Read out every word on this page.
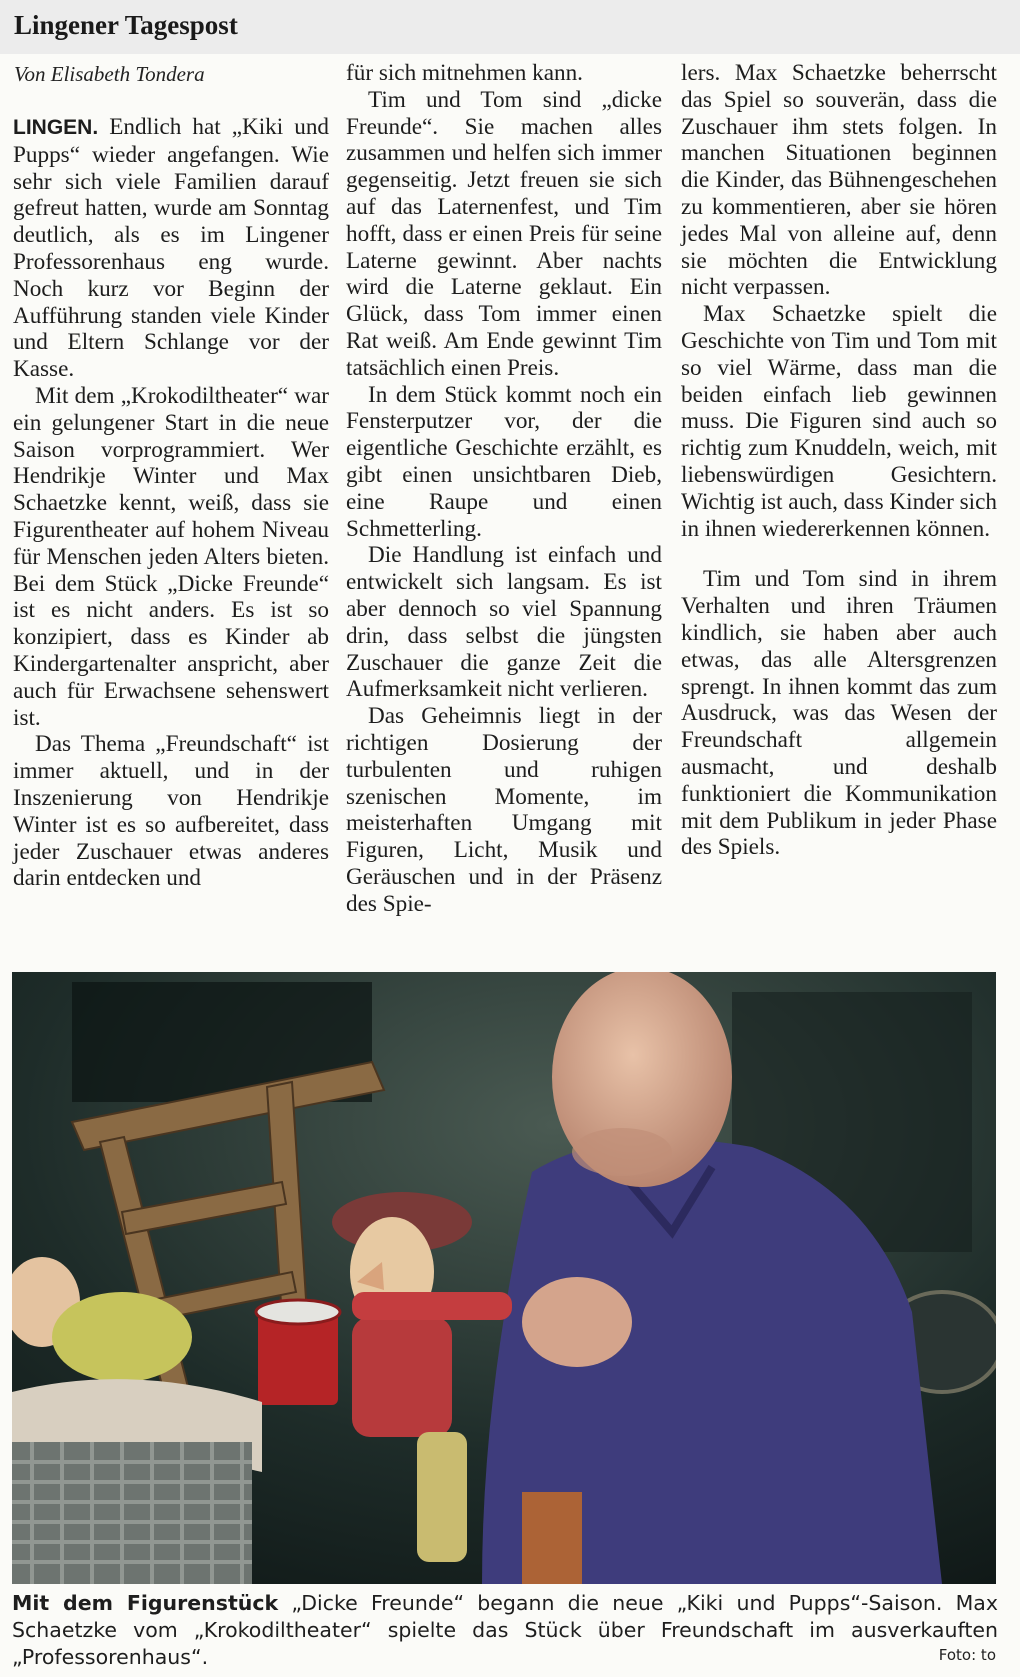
Lingener Tagespost
Von Elisabeth Tondera

LINGEN. Endlich hat „Kiki und Pupps“ wieder angefangen. Wie sehr sich viele Familien darauf gefreut hatten, wurde am Sonntag deutlich, als es im Lingener Professorenhaus eng wurde. Noch kurz vor Beginn der Aufführung standen viele Kinder und Eltern Schlange vor der Kasse.

Mit dem „Krokodiltheater“ war ein gelungener Start in die neue Saison vorprogrammiert. Wer Hendrikje Winter und Max Schaetzke kennt, weiß, dass sie Figurentheater auf hohem Niveau für Menschen jeden Alters bieten. Bei dem Stück „Dicke Freunde“ ist es nicht anders. Es ist so konzipiert, dass es Kinder ab Kindergartenalter anspricht, aber auch für Erwachsene sehenswert ist.

Das Thema „Freundschaft“ ist immer aktuell, und in der Inszenierung von Hendrikje Winter ist es so aufbereitet, dass jeder Zuschauer etwas anderes darin entdecken und

für sich mitnehmen kann.

Tim und Tom sind „dicke Freunde“. Sie machen alles zusammen und helfen sich immer gegenseitig. Jetzt freuen sie sich auf das Laternenfest, und Tim hofft, dass er einen Preis für seine Laterne gewinnt. Aber nachts wird die Laterne geklaut. Ein Glück, dass Tom immer einen Rat weiß. Am Ende gewinnt Tim tatsächlich einen Preis.

In dem Stück kommt noch ein Fensterputzer vor, der die eigentliche Geschichte erzählt, es gibt einen unsichtbaren Dieb, eine Raupe und einen Schmetterling.

Die Handlung ist einfach und entwickelt sich langsam. Es ist aber dennoch so viel Spannung drin, dass selbst die jüngsten Zuschauer die ganze Zeit die Aufmerksamkeit nicht verlieren.

Das Geheimnis liegt in der richtigen Dosierung der turbulenten und ruhigen szenischen Momente, im meisterhaften Umgang mit Figuren, Licht, Musik und Geräuschen und in der Präsenz des Spie-

lers. Max Schaetzke beherrscht das Spiel so souverän, dass die Zuschauer ihm stets folgen. In manchen Situationen beginnen die Kinder, das Bühnengeschehen zu kommentieren, aber sie hören jedes Mal von alleine auf, denn sie möchten die Entwicklung nicht verpassen.

Max Schaetzke spielt die Geschichte von Tim und Tom mit so viel Wärme, dass man die beiden einfach lieb gewinnen muss. Die Figuren sind auch so richtig zum Knuddeln, weich, mit liebenswürdigen Gesichtern. Wichtig ist auch, dass Kinder sich in ihnen wiedererkennen können.

Tim und Tom sind in ihrem Verhalten und ihren Träumen kindlich, sie haben aber auch etwas, das alle Altersgrenzen sprengt. In ihnen kommt das zum Ausdruck, was das Wesen der Freundschaft allgemein ausmacht, und deshalb funktioniert die Kommunikation mit dem Publikum in jeder Phase des Spiels.

Mit dem Figurenstück „Dicke Freunde“ begann die neue „Kiki und Pupps“-Saison. Max Schaetzke vom „Krokodiltheater“ spielte das Stück über Freundschaft im ausverkauften „Professorenhaus“.	Foto: to
